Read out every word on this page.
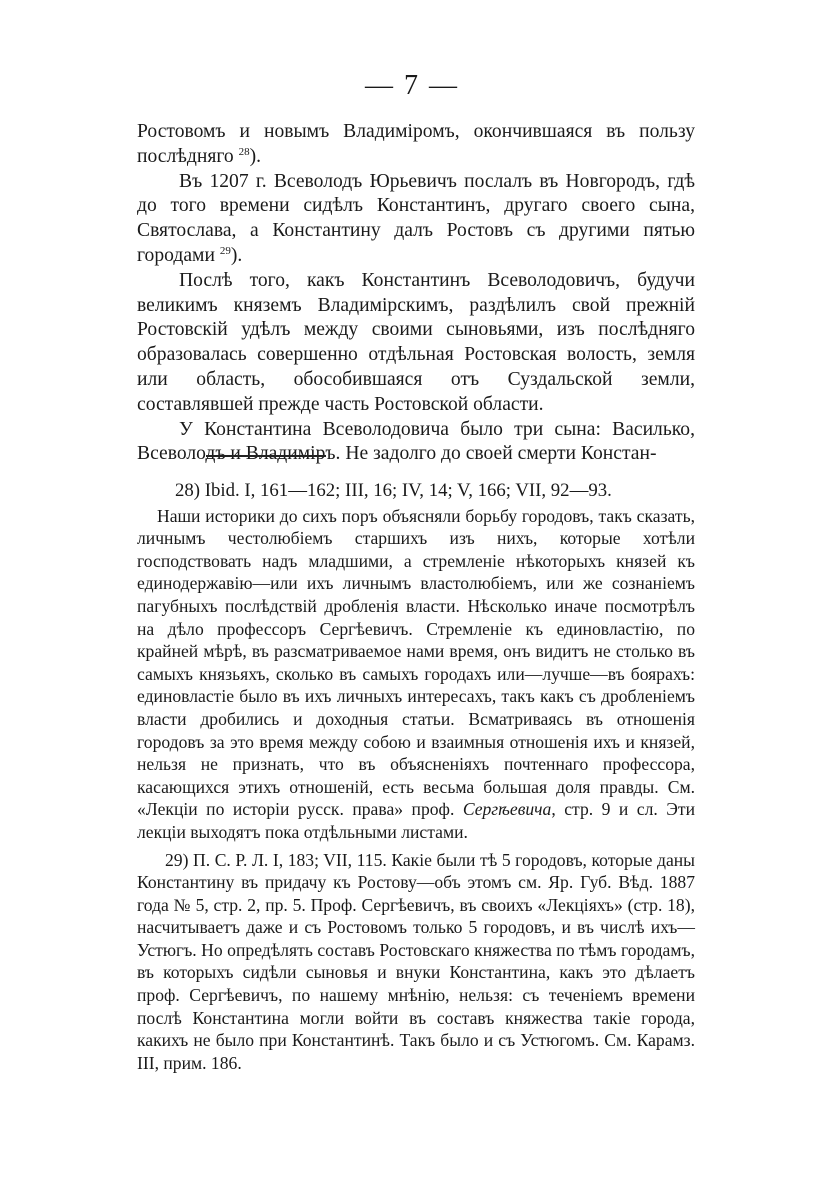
— 7 —

Ростовомъ и новымъ Владиміромъ, окончившаяся въ пользу послѣдняго $^{28}$).

Въ 1207 г. Всеволодъ Юрьевичъ послалъ въ Новгородъ, гдѣ до того времени сидѣлъ Константинъ, другаго своего сына, Святослава, а Константину далъ Ростовъ съ другими пятью городами $^{29}$).

Послѣ того, какъ Константинъ Всеволодовичъ, будучи великимъ княземъ Владимірскимъ, раздѣлилъ свой прежній Ростовскій удѣлъ между своими сыновьями, изъ послѣдняго образовалась совершенно отдѣльная Ростовская волость, земля или область, обособившаяся отъ Суздальской земли, составлявшей прежде часть Ростовской области.

У Константина Всеволодовича было три сына: Василько, Всеволодъ и Владиміръ. Не задолго до своей смерти Констан-

28) Ibid. I, 161—162; III, 16; IV, 14; V, 166; VII, 92—93.

Наши историки до сихъ поръ объясняли борьбу городовъ, такъ сказать, личнымъ честолюбіемъ старшихъ изъ нихъ, которые хотѣли господствовать надъ младшими, а стремленіе нѣкоторыхъ князей къ единодержавію—или ихъ личнымъ властолюбіемъ, или же сознаніемъ пагубныхъ послѣдствій дробленія власти. Нѣсколько иначе посмотрѣлъ на дѣло профессоръ Сергѣевичъ. Стремленіе къ единовластію, по крайней мѣрѣ, въ разсматриваемое нами время, онъ видитъ не столько въ самыхъ князьяхъ, сколько въ самыхъ городахъ или—лучше—въ боярахъ: единовластіе было въ ихъ личныхъ интересахъ, такъ какъ съ дробленіемъ власти дробились и доходныя статьи. Всматриваясь въ отношенія городовъ за это время между собою и взаимныя отношенія ихъ и князей, нельзя не признать, что въ объясненіяхъ почтеннаго профессора, касающихся этихъ отношеній, есть весьма большая доля правды. См. «Лекціи по исторіи русск. права» проф. Сергѣевича, стр. 9 и сл. Эти лекціи выходятъ пока отдѣльными листами.

29) П. С. Р. Л. I, 183; VII, 115. Какіе были тѣ 5 городовъ, которые даны Константину въ придачу къ Ростову—объ этомъ см. Яр. Губ. Вѣд. 1887 года № 5, стр. 2, пр. 5. Проф. Сергѣевичъ, въ своихъ «Лекціяхъ» (стр. 18), насчитываетъ даже и съ Ростовомъ только 5 городовъ, и въ числѣ ихъ—Устюгъ. Но опредѣлять составъ Ростовскаго княжества по тѣмъ городамъ, въ которыхъ сидѣли сыновья и внуки Константина, какъ это дѣлаетъ проф. Сергѣевичъ, по нашему мнѣнію, нельзя: съ теченіемъ времени послѣ Константина могли войти въ составъ княжества такіе города, какихъ не было при Константинѣ. Такъ было и съ Устюгомъ. См. Карамз. III, прим. 186.
